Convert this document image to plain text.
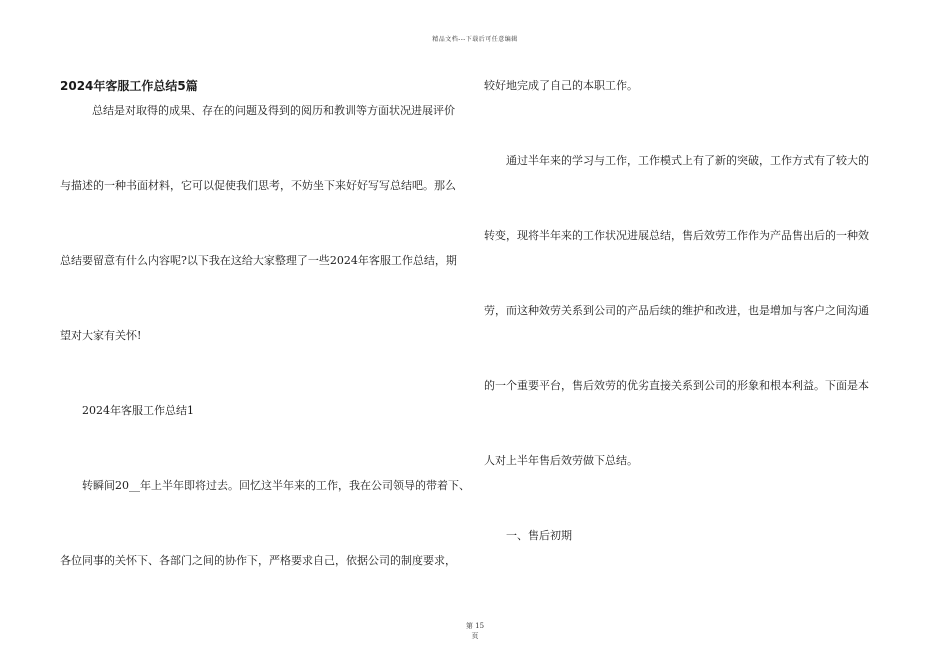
精品文档---下载后可任意编辑
2024年客服工作总结5篇
总结是对取得的成果、存在的问题及得到的阅历和教训等方面状况进展评价
与描述的一种书面材料，它可以促使我们思考，不妨坐下来好好写写总结吧。那么
总结要留意有什么内容呢?以下我在这给大家整理了一些2024年客服工作总结，期
望对大家有关怀!
2024年客服工作总结1
转瞬间20__年上半年即将过去。回忆这半年来的工作，我在公司领导的带着下、
各位同事的关怀下、各部门之间的协作下，严格要求自己，依据公司的制度要求，
较好地完成了自己的本职工作。
通过半年来的学习与工作，工作模式上有了新的突破，工作方式有了较大的
转变，现将半年来的工作状况进展总结，售后效劳工作作为产品售出后的一种效
劳，而这种效劳关系到公司的产品后续的维护和改进，也是增加与客户之间沟通
的一个重要平台，售后效劳的优劣直接关系到公司的形象和根本利益。下面是本
人对上半年售后效劳做下总结。
一、售后初期
第 15
页
